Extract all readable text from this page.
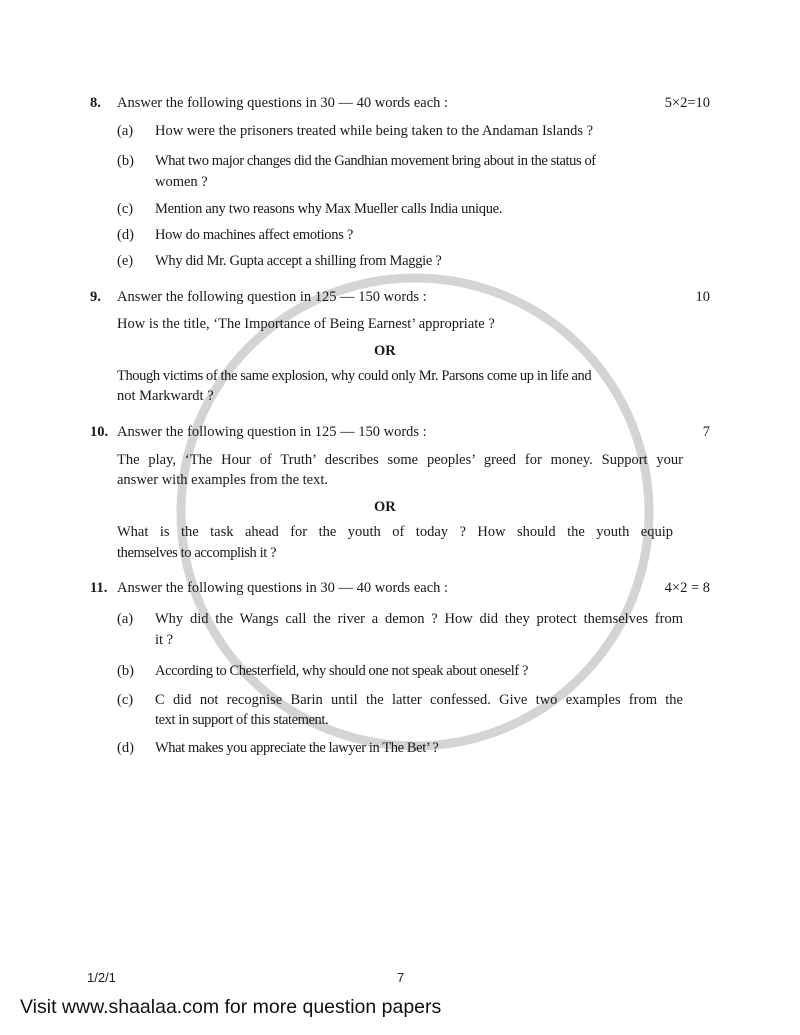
8. Answer the following questions in 30 — 40 words each :	5×2=10
(a) How were the prisoners treated while being taken to the Andaman Islands ?
(b) What two major changes did the Gandhian movement bring about in the status of
women ?
(c) Mention any two reasons why Max Mueller calls India unique.
(d) How do machines affect emotions ?
(e) Why did Mr. Gupta accept a shilling from Maggie ?
9. Answer the following question in 125 — 150 words :	10
How is the title, ‘The Importance of Being Earnest’ appropriate ?
OR
Though victims of the same explosion, why could only Mr. Parsons come up in life and
not Markwardt ?
10. Answer the following question in 125 — 150 words :	7
The play, ‘The Hour of Truth’ describes some peoples’ greed for money. Support your
answer with examples from the text.
OR
What is the task ahead for the youth of today ? How should the youth equip
themselves to accomplish it ?
11. Answer the following questions in 30 — 40 words each :	4×2 = 8
(a) Why did the Wangs call the river a demon ? How did they protect themselves from
it ?
(b) According to Chesterfield, why should one not speak about oneself ?
(c) C did not recognise Barin until the latter confessed. Give two examples from the
text in support of this statement.
(d) What makes you appreciate the lawyer in The Bet’ ?
1/2/1	7
Visit www.shaalaa.com for more question papers
